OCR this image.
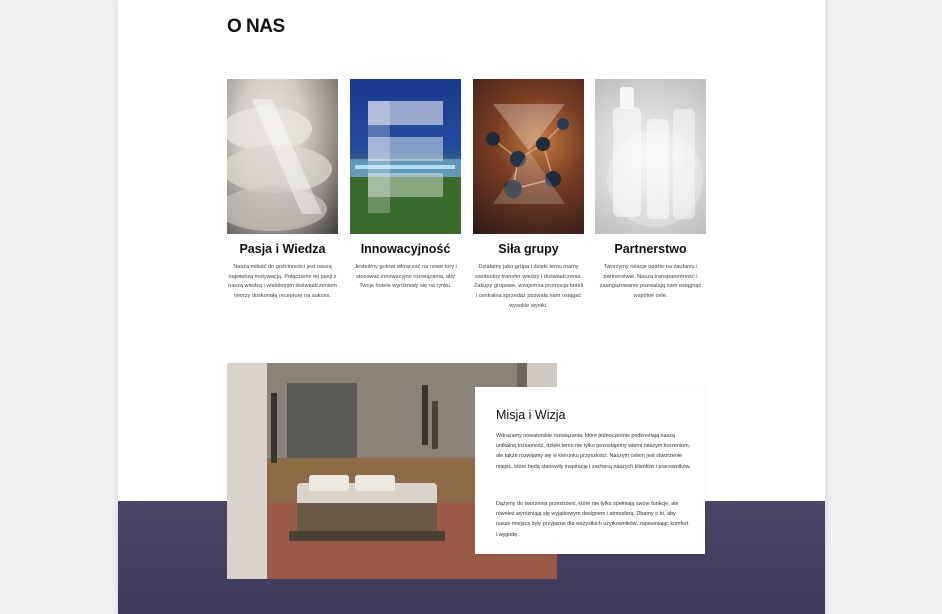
O NAS
Pasja i Wiedza

Nasza miłość do gościnności jest naszą najwiękzą motywacją. Połączenie tej pasji z naszą wiedzą i wieloletnim doświadczeniem tworzy doskonałą recepturę na sukces.

Innowacyjność

Jesteśmy gotowi wkraczać na nowe tory i stosować innowacyjne rozwiązania, aby Twoje hotele wyróżniały się na rynku.

Siła grupy

Działamy jako grupa i dzięki temu mamy swobodny transfer wiedzy i doświadczenia. Zakupy grupowe, wzajemna promocja hoteli i centralna sprzedaż pozwala nam osiągać wysokie wyniki.

Partnerstwo

Tworzymy relacje oparte na zaufaniu i partnerstwie. Nasza transparentność i zaangażowanie pozwalają nam osiągnąć wspólne cele.

Misja i Wizja

Wdrażamy nowatorskie rozwiązania, które jednocześnie podkreślają naszą unikalną tożsamość, dzięki temu nie tylko pozostajemy wierni naszym korzeniom, ale także rozwijamy się w kierunku przyszłości. Naszym celem jest stworzenie miejsc, które będą stanowiły inspirację i zachęcą naszych klientów i pracowników.

Dążymy do tworzenia przestrzeni, które nie tylko spełniają swoje funkcje, ale również wyróżniają się wyjątkowym designem i atmosferą. Dbamy o to, aby nasze miejsca były przyjazne dla wszystkich użytkowników, zapewniając komfort i wygodę.
